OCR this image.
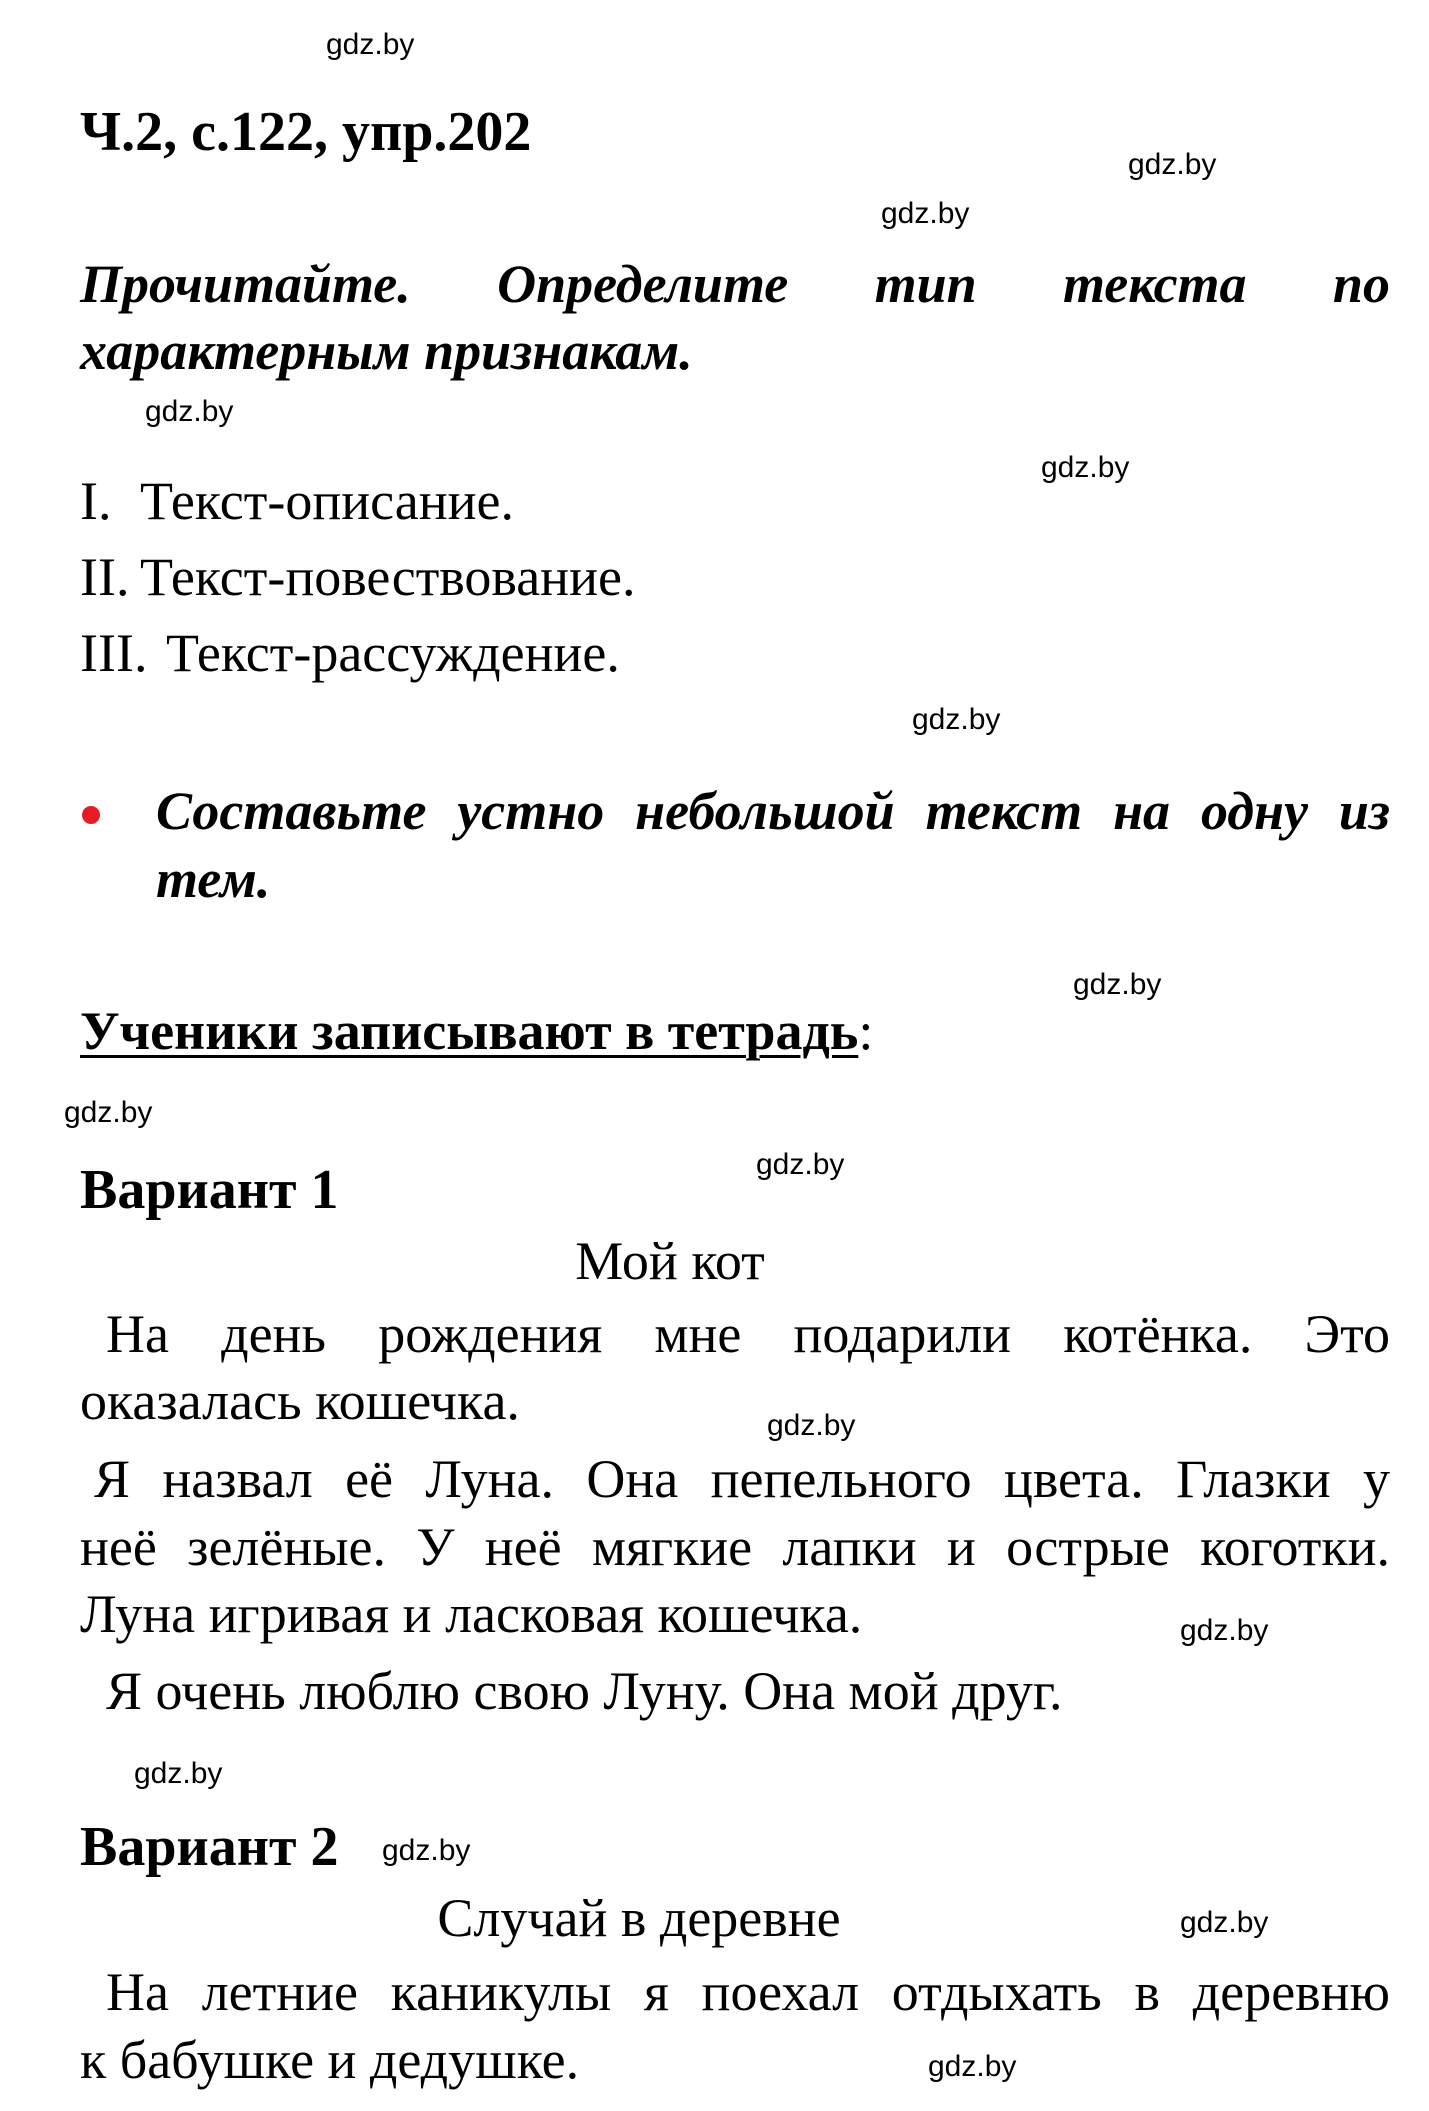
gdz.by
gdz.by
gdz.by
gdz.by
gdz.by
gdz.by
gdz.by
gdz.by
gdz.by
gdz.by
gdz.by
gdz.by
gdz.by
gdz.by
gdz.by
Ч.2, с.122, упр.202
Прочитайте. Определите тип текста по
характерным признакам.
I. Текст-описание.
II. Текст-повествование.
III. Текст-рассуждение.
Составьте устно небольшой текст на одну из
тем.
Ученики записывают в тетрадь:
Вариант 1
Мой кот
На день рождения мне подарили котёнка. Это
оказалась кошечка.
Я назвал её Луна. Она пепельного цвета. Глазки у
неё зелёные. У неё мягкие лапки и острые коготки.
Луна игривая и ласковая кошечка.
Я очень люблю свою Луну. Она мой друг.
Вариант 2
Случай в деревне
На летние каникулы я поехал отдыхать в деревню
к бабушке и дедушке.
